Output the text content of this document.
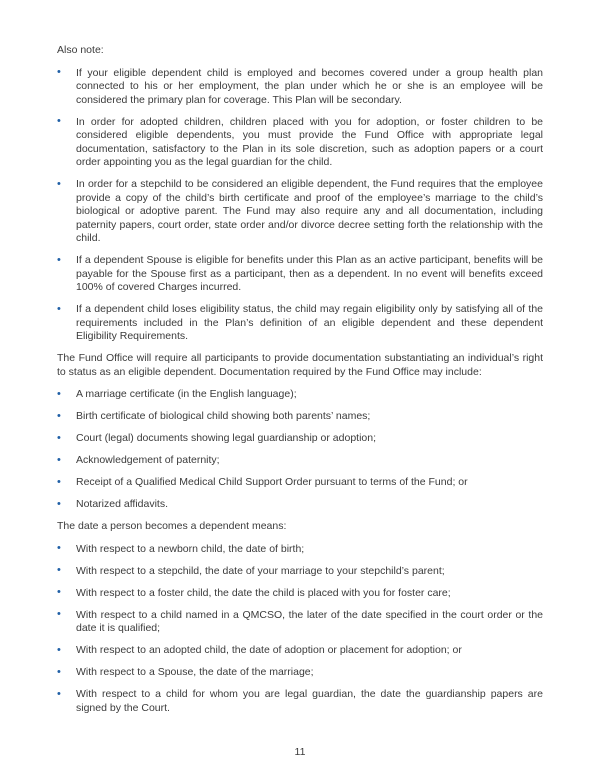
Also note:

• If your eligible dependent child is employed and becomes covered under a group health plan connected to his or her employment, the plan under which he or she is an employee will be considered the primary plan for coverage. This Plan will be secondary.
• In order for adopted children, children placed with you for adoption, or foster children to be considered eligible dependents, you must provide the Fund Office with appropriate legal documentation, satisfactory to the Plan in its sole discretion, such as adoption papers or a court order appointing you as the legal guardian for the child.
• In order for a stepchild to be considered an eligible dependent, the Fund requires that the employee provide a copy of the child’s birth certificate and proof of the employee’s marriage to the child’s biological or adoptive parent. The Fund may also require any and all documentation, including paternity papers, court order, state order and/or divorce decree setting forth the relationship with the child.
• If a dependent Spouse is eligible for benefits under this Plan as an active participant, benefits will be payable for the Spouse first as a participant, then as a dependent. In no event will benefits exceed 100% of covered Charges incurred.
• If a dependent child loses eligibility status, the child may regain eligibility only by satisfying all of the requirements included in the Plan’s definition of an eligible dependent and these dependent Eligibility Requirements.

The Fund Office will require all participants to provide documentation substantiating an individual’s right to status as an eligible dependent. Documentation required by the Fund Office may include:

• A marriage certificate (in the English language);
• Birth certificate of biological child showing both parents’ names;
• Court (legal) documents showing legal guardianship or adoption;
• Acknowledgement of paternity;
• Receipt of a Qualified Medical Child Support Order pursuant to terms of the Fund; or
• Notarized affidavits.

The date a person becomes a dependent means:

• With respect to a newborn child, the date of birth;
• With respect to a stepchild, the date of your marriage to your stepchild’s parent;
• With respect to a foster child, the date the child is placed with you for foster care;
• With respect to a child named in a QMCSO, the later of the date specified in the court order or the date it is qualified;
• With respect to an adopted child, the date of adoption or placement for adoption; or
• With respect to a Spouse, the date of the marriage;
• With respect to a child for whom you are legal guardian, the date the guardianship papers are signed by the Court.
11
